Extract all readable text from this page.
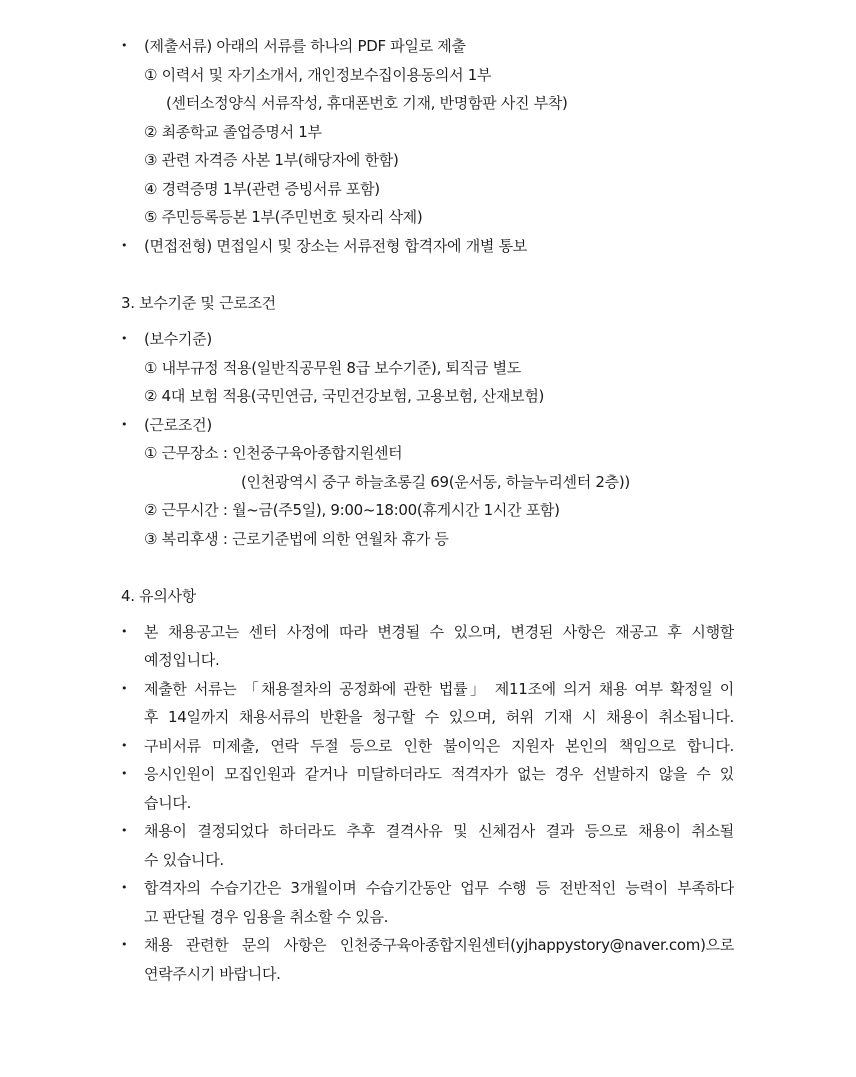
• (제출서류) 아래의 서류를 하나의 PDF 파일로 제출
① 이력서 및 자기소개서, 개인정보수집이용동의서 1부
(센터소정양식 서류작성, 휴대폰번호 기재, 반명함판 사진 부착)
② 최종학교 졸업증명서 1부
③ 관련 자격증 사본 1부(해당자에 한함)
④ 경력증명 1부(관련 증빙서류 포함)
⑤ 주민등록등본 1부(주민번호 뒷자리 삭제)
• (면접전형) 면접일시 및 장소는 서류전형 합격자에 개별 통보
3. 보수기준 및 근로조건
• (보수기준)
① 내부규정 적용(일반직공무원 8급 보수기준), 퇴직금 별도
② 4대 보험 적용(국민연금, 국민건강보험, 고용보험, 산재보험)
• (근로조건)
① 근무장소 : 인천중구육아종합지원센터
(인천광역시 중구 하늘초롱길 69(운서동, 하늘누리센터 2층))
② 근무시간 : 월~금(주5일), 9:00~18:00(휴게시간 1시간 포함)
③ 복리후생 : 근로기준법에 의한 연월차 휴가 등
4. 유의사항
• 본 채용공고는 센터 사정에 따라 변경될 수 있으며, 변경된 사항은 재공고 후 시행할
예정입니다.
• 제출한 서류는 「채용절차의 공정화에 관한 법률」 제11조에 의거 채용 여부 확정일 이
후 14일까지 채용서류의 반환을 청구할 수 있으며, 허위 기재 시 채용이 취소됩니다.
• 구비서류 미제출, 연락 두절 등으로 인한 불이익은 지원자 본인의 책임으로 합니다.
• 응시인원이 모집인원과 같거나 미달하더라도 적격자가 없는 경우 선발하지 않을 수 있
습니다.
• 채용이 결정되었다 하더라도 추후 결격사유 및 신체검사 결과 등으로 채용이 취소될
수 있습니다.
• 합격자의 수습기간은 3개월이며 수습기간동안 업무 수행 등 전반적인 능력이 부족하다
고 판단될 경우 임용을 취소할 수 있음.
• 채용 관련한 문의 사항은 인천중구육아종합지원센터(yjhappystory@naver.com)으로
연락주시기 바랍니다.
